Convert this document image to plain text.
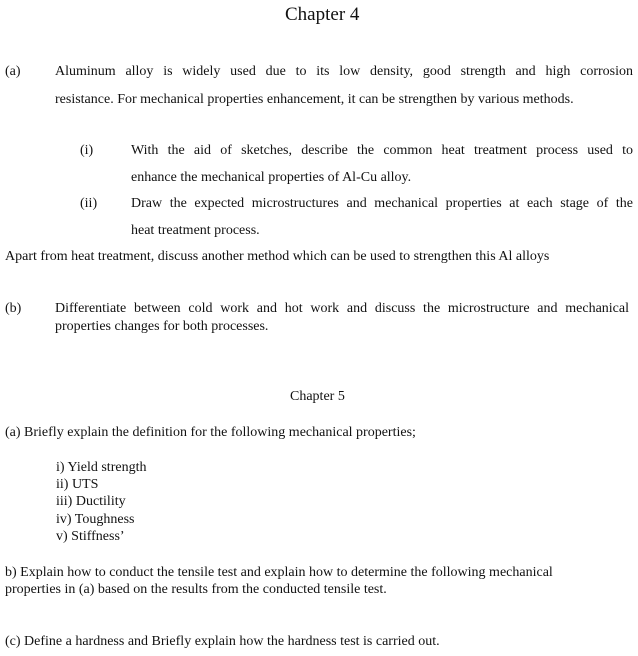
Chapter 4
(a) Aluminum alloy is widely used due to its low density, good strength and high corrosion
resistance. For mechanical properties enhancement, it can be strengthen by various methods.
(i)	With the aid of sketches, describe the common heat treatment process used to
enhance the mechanical properties of Al-Cu alloy.
(ii) Draw the expected microstructures and mechanical properties at each stage of the
heat treatment process.
Apart from heat treatment, discuss another method which can be used to strengthen this Al alloys
(b) Differentiate between cold work and hot work and discuss the microstructure and mechanical
properties changes for both processes.
Chapter 5
(a) Briefly explain the definition for the following mechanical properties;
i) Yield strength
ii) UTS
iii) Ductility
iv) Toughness
v) Stiffness’
b) Explain how to conduct the tensile test and explain how to determine the following mechanical
properties in (a) based on the results from the conducted tensile test.
(c) Define a hardness and Briefly explain how the hardness test is carried out.
